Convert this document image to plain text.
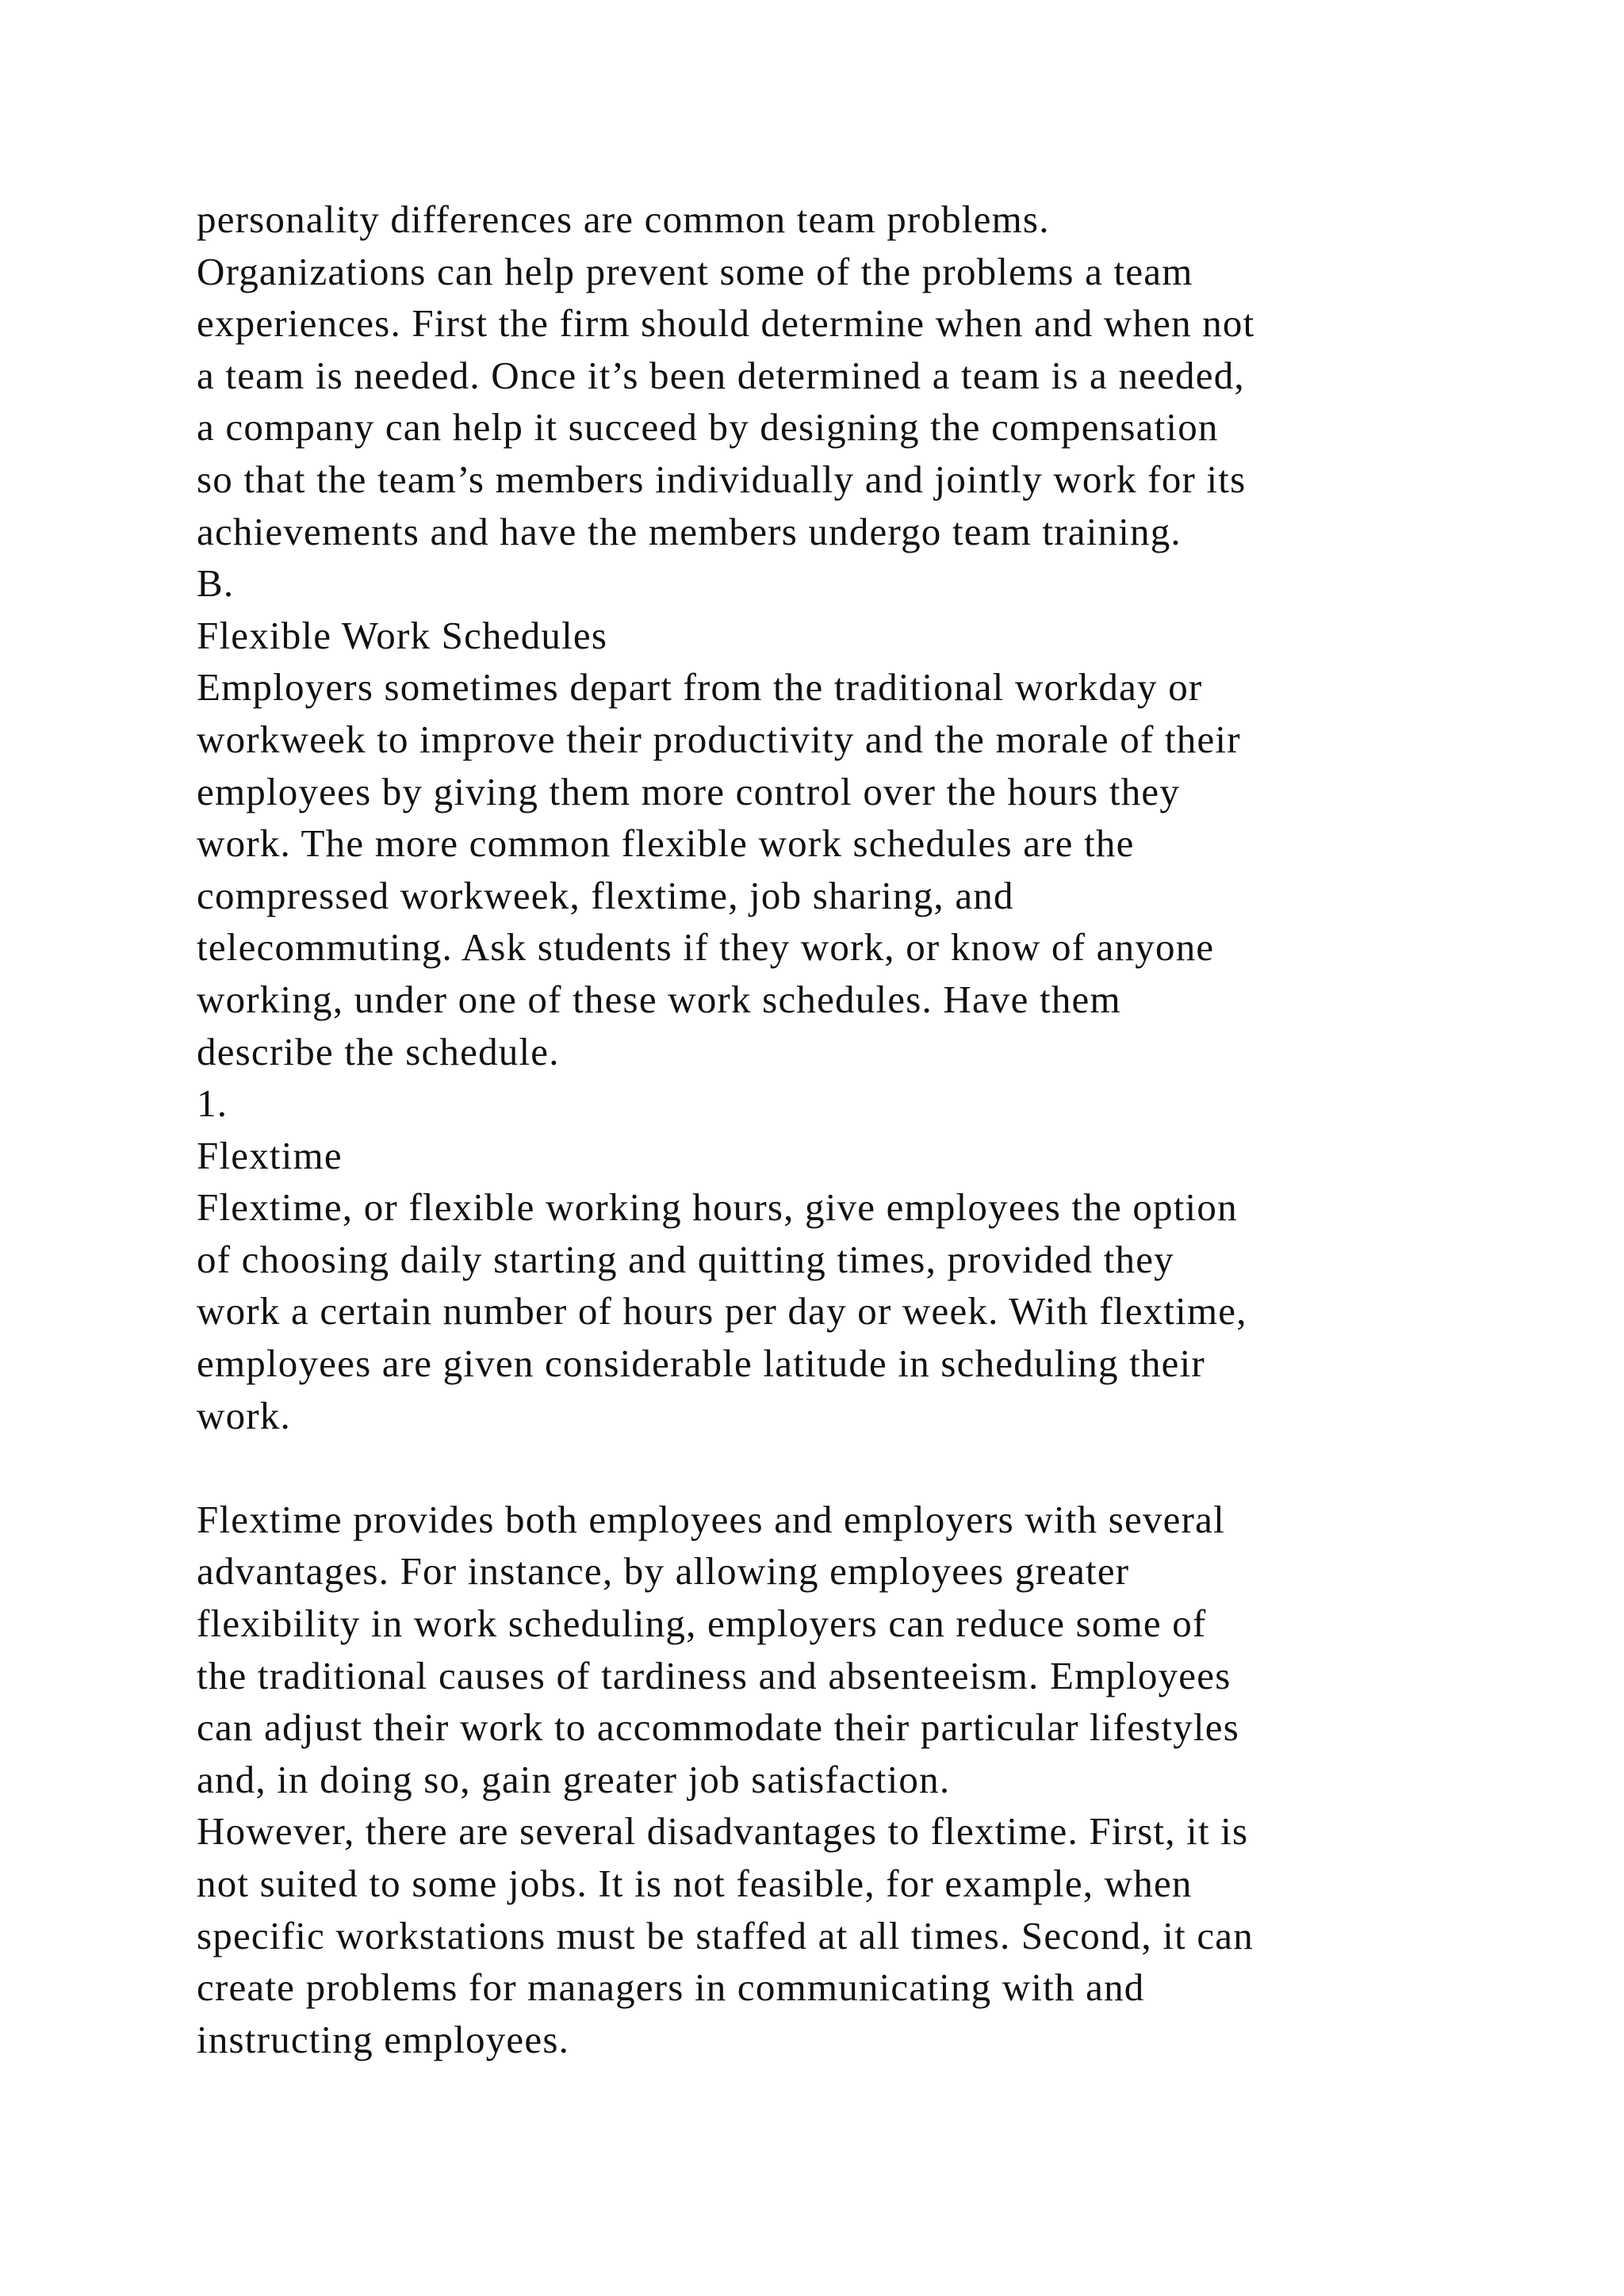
personality differences are common team problems.
Organizations can help prevent some of the problems a team
experiences. First the firm should determine when and when not
a team is needed. Once it’s been determined a team is a needed,
a company can help it succeed by designing the compensation
so that the team’s members individually and jointly work for its
achievements and have the members undergo team training.
B.
Flexible Work Schedules
Employers sometimes depart from the traditional workday or
workweek to improve their productivity and the morale of their
employees by giving them more control over the hours they
work. The more common flexible work schedules are the
compressed workweek, flextime, job sharing, and
telecommuting. Ask students if they work, or know of anyone
working, under one of these work schedules. Have them
describe the schedule.
1.
Flextime
Flextime, or flexible working hours, give employees the option
of choosing daily starting and quitting times, provided they
work a certain number of hours per day or week. With flextime,
employees are given considerable latitude in scheduling their
work.
Flextime provides both employees and employers with several
advantages. For instance, by allowing employees greater
flexibility in work scheduling, employers can reduce some of
the traditional causes of tardiness and absenteeism. Employees
can adjust their work to accommodate their particular lifestyles
and, in doing so, gain greater job satisfaction.
However, there are several disadvantages to flextime. First, it is
not suited to some jobs. It is not feasible, for example, when
specific workstations must be staffed at all times. Second, it can
create problems for managers in communicating with and
instructing employees.
